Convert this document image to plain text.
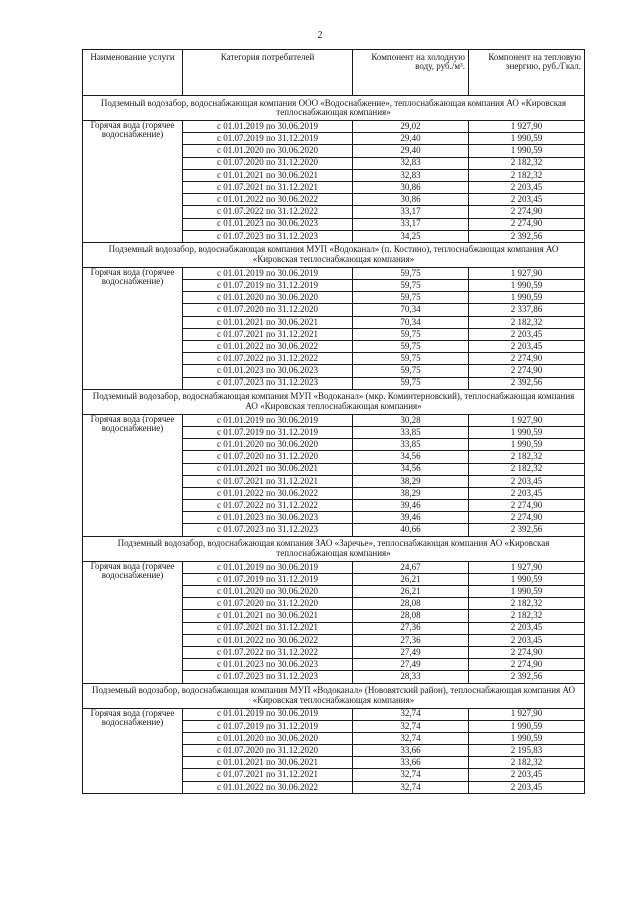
2
Наименование услуги	Категория потребителей	Компонент на холодную воду, руб./м³.	Компонент на тепловую энергию, руб./Гкал.
Подземный водозабор, водоснабжающая компания ООО «Водоснабжение», теплоснабжающая компания АО «Кировская теплоснабжающая компания»			
Горячая вода (горячее водоснабжение)	с 01.01.2019 по 30.06.2019	29,02	1 927,90
	с 01.07.2019 по 31.12.2019	29,40	1 990,59
	с 01.01.2020 по 30.06.2020	29,40	1 990,59
	с 01.07.2020 по 31.12.2020	32,83	2 182,32
	с 01.01.2021 по 30.06.2021	32,83	2 182,32
	с 01.07.2021 по 31.12.2021	30,86	2 203,45
	с 01.01.2022 по 30.06.2022	30,86	2 203,45
	с 01.07.2022 по 31.12.2022	33,17	2 274,90
	с 01.01.2023 по 30.06.2023	33,17	2 274,90
	с 01.07.2023 по 31.12.2023	34,25	2 392,56
Подземный водозабор, водоснабжающая компания МУП «Водоканал» (п. Костино), теплоснабжающая компания АО «Кировская теплоснабжающая компания»			
Горячая вода (горячее водоснабжение)	с 01.01.2019 по 30.06.2019	59,75	1 927,90
	с 01.07.2019 по 31.12.2019	59,75	1 990,59
	с 01.01.2020 по 30.06.2020	59,75	1 990,59
	с 01.07.2020 по 31.12.2020	70,34	2 337,86
	с 01.01.2021 по 30.06.2021	70,34	2 182,32
	с 01.07.2021 по 31.12.2021	59,75	2 203,45
	с 01.01.2022 по 30.06.2022	59,75	2 203,45
	с 01.07.2022 по 31.12.2022	59,75	2 274,90
	с 01.01.2023 по 30.06.2023	59,75	2 274,90
	с 01.07.2023 по 31.12.2023	59,75	2 392,56
Подземный водозабор, водоснабжающая компания МУП «Водоканал» (мкр. Коминтерновский), теплоснабжающая компания АО «Кировская теплоснабжающая компания»			
Горячая вода (горячее водоснабжение)	с 01.01.2019 по 30.06.2019	30,28	1 927,90
	с 01.07.2019 по 31.12.2019	33,85	1 990,59
	с 01.01.2020 по 30.06.2020	33,85	1 990,59
	с 01.07.2020 по 31.12.2020	34,56	2 182,32
	с 01.01.2021 по 30.06.2021	34,56	2 182,32
	с 01.07.2021 по 31.12.2021	38,29	2 203,45
	с 01.01.2022 по 30.06.2022	38,29	2 203,45
	с 01.07.2022 по 31.12.2022	39,46	2 274,90
	с 01.01.2023 по 30.06.2023	39,46	2 274,90
	с 01.07.2023 по 31.12.2023	40,66	2 392,56
Подземный водозабор, водоснабжающая компания ЗАО «Заречье», теплоснабжающая компания АО «Кировская теплоснабжающая компания»			
Горячая вода (горячее водоснабжение)	с 01.01.2019 по 30.06.2019	24,67	1 927,90
	с 01.07.2019 по 31.12.2019	26,21	1 990,59
	с 01.01.2020 по 30.06.2020	26,21	1 990,59
	с 01.07.2020 по 31.12.2020	28,08	2 182,32
	с 01.01.2021 по 30.06.2021	28,08	2 182,32
	с 01.07.2021 по 31.12.2021	27,36	2 203,45
	с 01.01.2022 по 30.06.2022	27,36	2 203,45
	с 01.07.2022 по 31.12.2022	27,49	2 274,90
	с 01.01.2023 по 30.06.2023	27,49	2 274,90
	с 01.07.2023 по 31.12.2023	28,33	2 392,56
Подземный водозабор, водоснабжающая компания МУП «Водоканал» (Нововятский район), теплоснабжающая компания АО «Кировская теплоснабжающая компания»			
Горячая вода (горячее водоснабжение)	с 01.01.2019 по 30.06.2019	32,74	1 927,90
	с 01.07.2019 по 31.12.2019	32,74	1 990,59
	с 01.01.2020 по 30.06.2020	32,74	1 990,59
	с 01.07.2020 по 31.12.2020	33,66	2 195,83
	с 01.01.2021 по 30.06.2021	33,66	2 182,32
	с 01.07.2021 по 31.12.2021	32,74	2 203,45
	с 01.01.2022 по 30.06.2022	32,74	2 203,45
